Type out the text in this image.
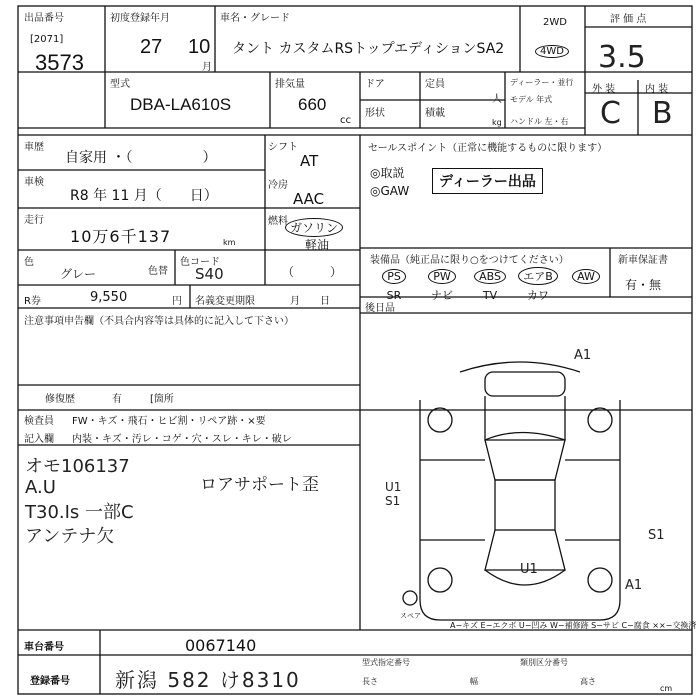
出品番号
[2071]
3573
初度登録年月
27 10
月
車名・グレード
タント カスタムRSトップエディションSA2
2WD
4WD
評 価 点
3.5
型式
DBA-LA610S
排気量
660
cc
ドア
形状
定員
人
積載
kg
ディーラー・並行
モデル 年式
ハンドル 左・右
外 装	内 装
C B
車歴
自家用 ・（　　　　　）
車検
R8 年 11 月（　　日）
走行
10万6千137	km
色
グレー	色替
色コード
S40
シフト
AT
冷房
AAC
燃料 ガソリン
軽油
（　　　）
R券	9,550	円 名義変更期限	月　　日
注意事項申告欄（不具合内容等は具体的に記入して下さい）
修復歴	有	[箇所
セールスポイント（正常に機能するものに限ります）
◎取説
◎GAW
ディーラー出品
装備品（純正品に限り○をつけてください）
PS	PW	ABS エアB AW
SR	ナビ	TV	カワ
新車保証書
有・無
後日品
検査員 FW・キズ・飛石・ヒビ割・リペア跡・×要
記入欄 内装・キズ・汚レ・コゲ・穴・スレ・キレ・破レ
オモ106137
A.U
T30.Ⅰs 一部C
アンテナ欠
ロアサポート歪
A1
U1 S1
S1
A1
U1
スペア
A−キズ E−エクボ U−凹み W−補修跡 S−サビ C−腐食 ××−交換済
車台番号	0067140
登録番号 新潟 582 け8310
型式指定番号	類別区分番号
長さ	幅	高さ
cm
